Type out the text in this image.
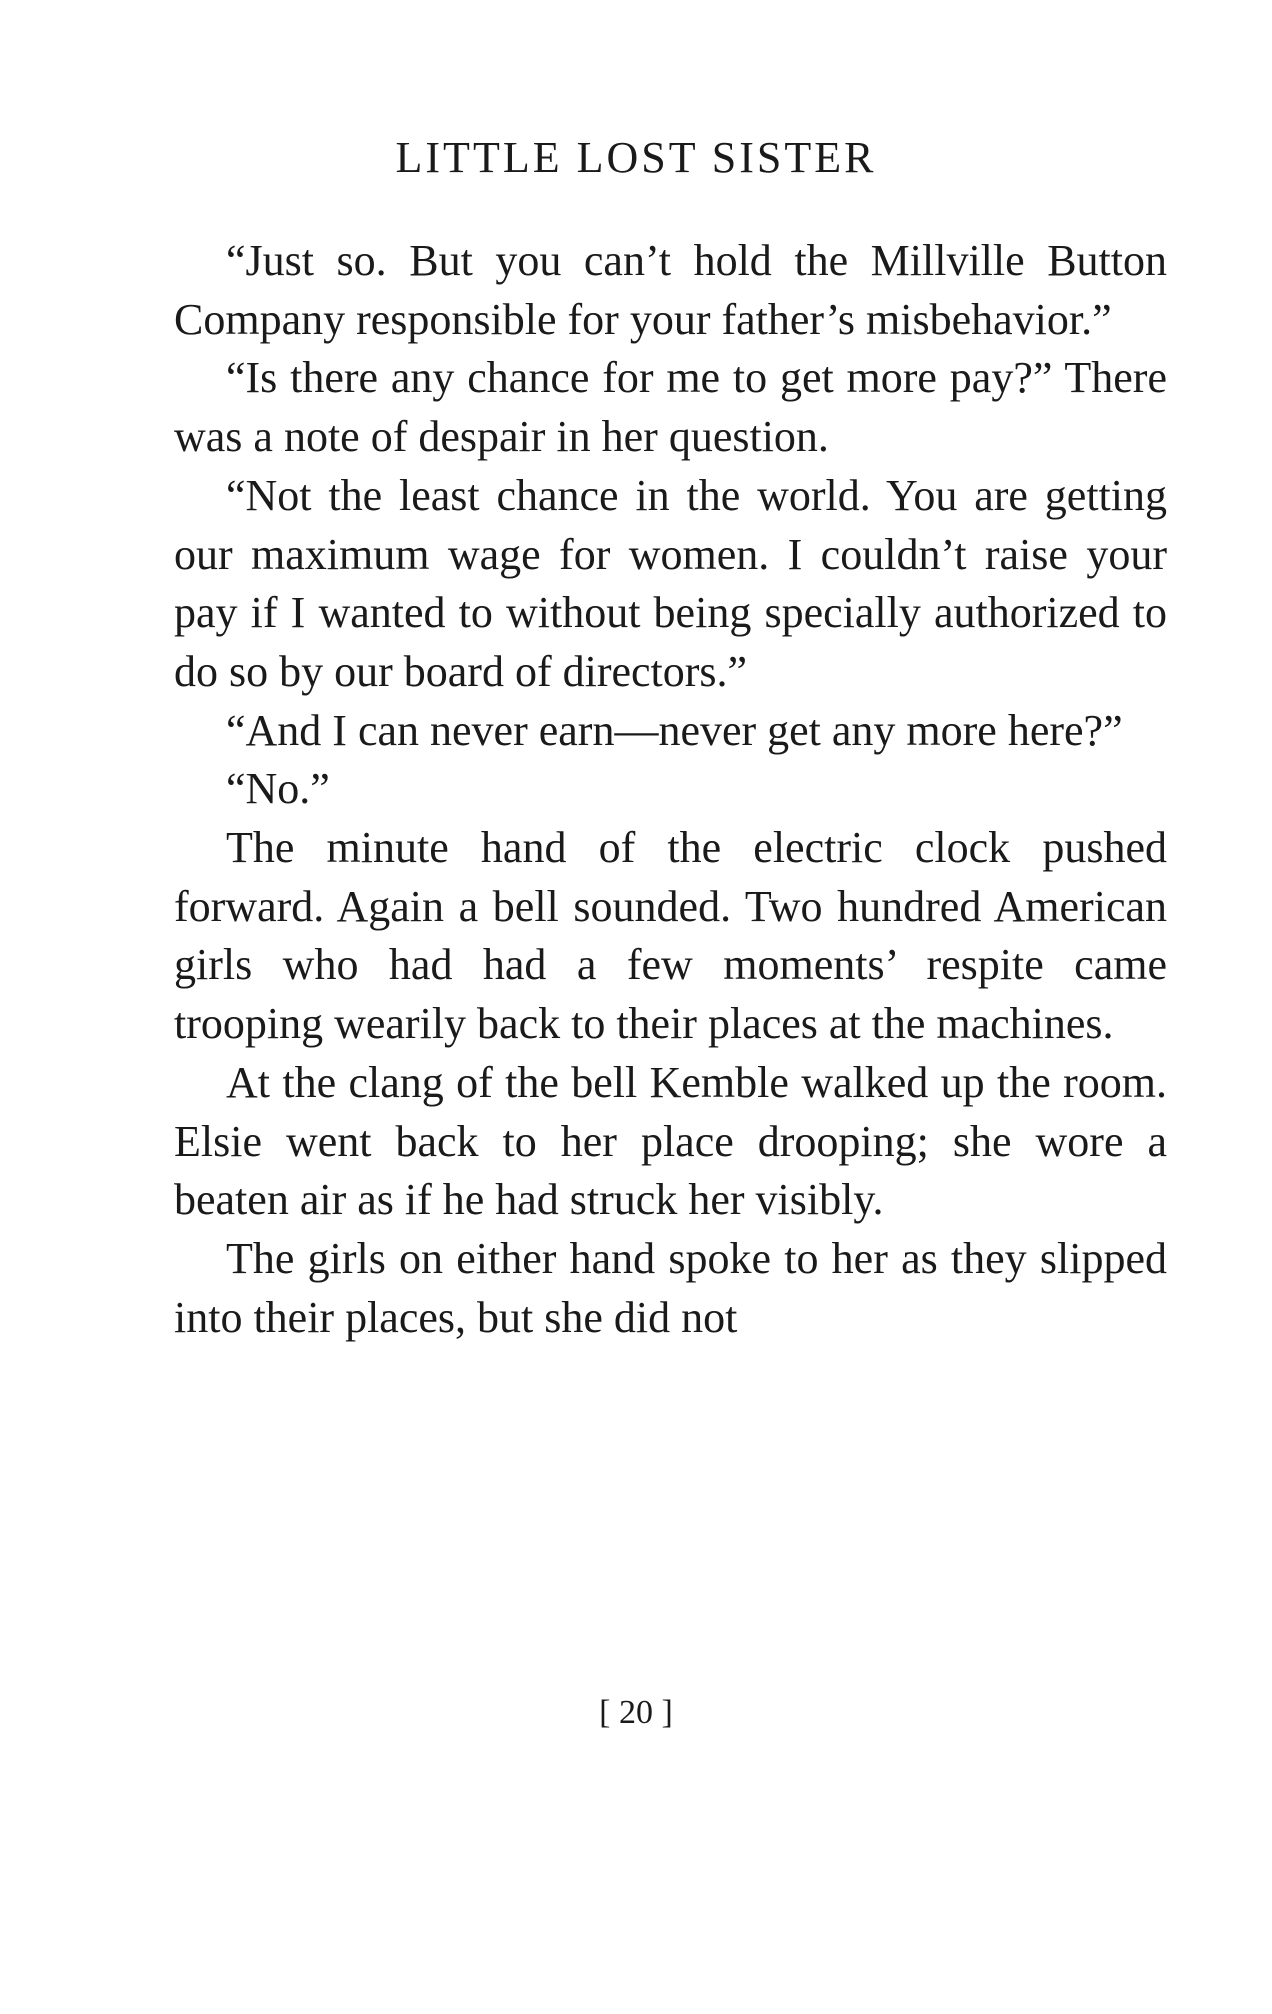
LITTLE LOST SISTER

“Just so. But you can’t hold the Millville Button Company responsible for your father’s misbehavior.”

“Is there any chance for me to get more pay?” There was a note of despair in her question.

“Not the least chance in the world. You are getting our maximum wage for women. I couldn’t raise your pay if I wanted to without being specially authorized to do so by our board of directors.”

“And I can never earn—never get any more here?”

“No.”

The minute hand of the electric clock pushed forward. Again a bell sounded. Two hundred American girls who had had a few moments’ respite came trooping wearily back to their places at the machines.

At the clang of the bell Kemble walked up the room. Elsie went back to her place drooping; she wore a beaten air as if he had struck her visibly.

The girls on either hand spoke to her as they slipped into their places, but she did not

[ 20 ]
